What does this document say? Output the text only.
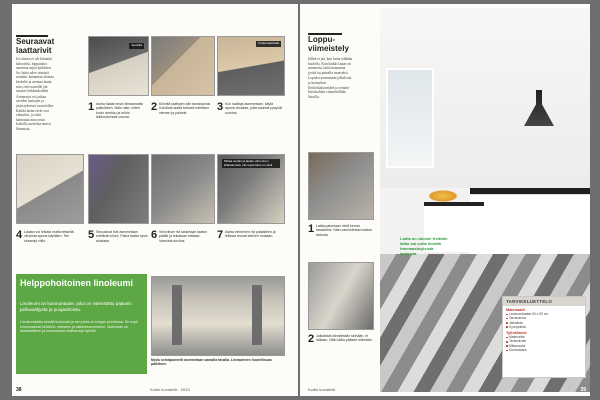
Seuraavat laattarivit

Jos tilassa ei ole kiinteitä kalusteita, lopputulos aasentaa sujuu kaikkeen. Jos lattia tulee seinästä seinään, kannattaa aloittaa keskeltä ja asentaa laatat niin, että reunoille jää tasaiset leikkuukohdat.

Asennusta voi jatkaa useiden laattojen ja järjestyksessä vuorotellen. Kaikki laatat eivät sovi valmiiksi, ja siksi kannattaa aina ensin kokeilla asettelua ennen liimausta.

Apukiila	Pohjamateriaali
1 Aseta laatat ensin liimaamatta paikoilleen. Näin näet, miten kuvio asettuu ja mihin leikkuukohdat osuvat.
2 Kiinnitä laattojen alle tarranauhat. Kohdista laatta tarkasti edellisen viereen ja painele.	3 Kun laattoja asennetaan, käytä apuna viivainta, jotta saumat pysyvät suorina.
Mittaa seinän ja laatan väli ennen leikkaamista, niin lopputulos on siisti.
4 Laatan voi leikata mattoveitsellä viivainta apuna käyttäen. Tee useampi viilto.	5 Seuraavat rivit asennetaan edellisiin kiinni. Paina laatat hyvin alustaan.	6 Vinoviivan rivi lasketaan laatan päälle ja leikataan mittaan. Varmista sovitus.	7 Aseta viimeinen rivi paikalleen ja leikkaa reunat seinien mukaan.
Myös seinäpaneelit asennetaan samalla tavalla. Lineaarinen huolellisuus palkitsee.
Helppohoitoinen linoleumi
Linoleumi on luonnontuote, joka on valmistettu pääosin pellavaöljystä ja puujauhoista.
Linoleumilattia kestää kulutusta ja sen pinta on helppo puhdistaa. Se sopii erinomaisesti keittiöön, eteiseen ja lastenhuoneeseen. Materiaali on antistaattinen ja luonnostaan bakteereja hylkivä.
38	Kodin kuvalehti · 2013
Loppu-viimeistely

Jälkiä ei jää, kun lattia tehdään huolella. Kun kaikki laatat on asennettu, lattia kannattaa jyrätä tai painella tasaiseksi.

Lopuksi asennetaan jalkalistat ja kynnykset. Keittiökalusteiden ja seinien liitoskohdat viimeistellään listoilla.

1 Lattia painetaan vielä kerran tasaiseksi. Näin varmistetaan laatan tartunta.
2 Jalkalistat kiinnitetään seinään, ei lattiaan. Näin lattia pääsee elämään.
Lattia on valmis! Keittiön lattia sai uutta ilmettä harmaasävyisistä laatoista.
TARVIKELUETTELO
Materiaalit
Linoleumilaatat 50 x 50 cm
Tarranauha
Jalkalista
Kynnyslista
Työvälineet
Mattoveitsi
Teräsviivain
Mittanauha
Kumivasara
Kodin kuvalehti	39
